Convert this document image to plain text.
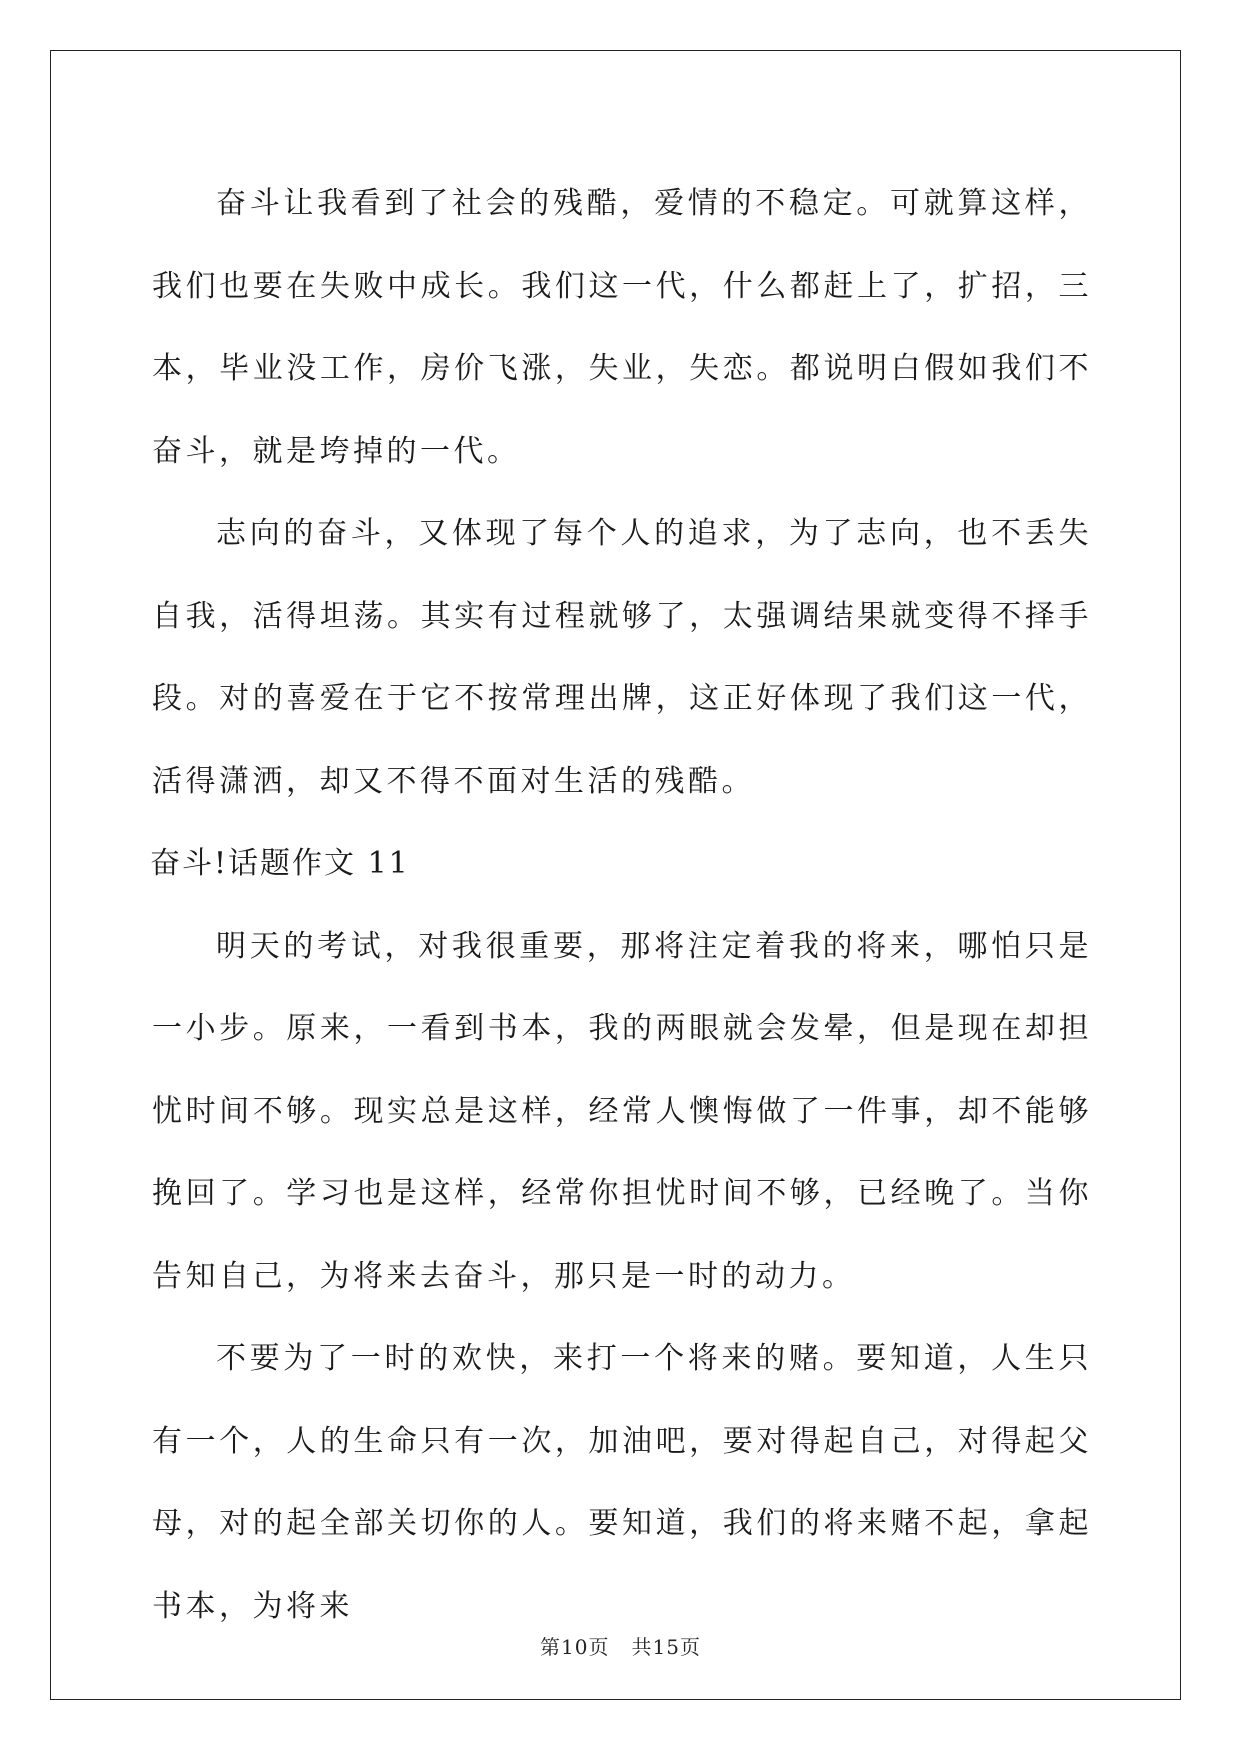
奋斗让我看到了社会的残酷，爱情的不稳定。可就算这样，我们也要在失败中成长。我们这一代，什么都赶上了，扩招，三本，毕业没工作，房价飞涨，失业，失恋。都说明白假如我们不奋斗，就是垮掉的一代。

志向的奋斗，又体现了每个人的追求，为了志向，也不丢失自我，活得坦荡。其实有过程就够了，太强调结果就变得不择手段。对的喜爱在于它不按常理出牌，这正好体现了我们这一代，活得潇洒，却又不得不面对生活的残酷。

奋斗!话题作文 11

明天的考试，对我很重要，那将注定着我的将来，哪怕只是一小步。原来，一看到书本，我的两眼就会发晕，但是现在却担忧时间不够。现实总是这样，经常人懊悔做了一件事，却不能够挽回了。学习也是这样，经常你担忧时间不够，已经晚了。当你告知自己，为将来去奋斗，那只是一时的动力。

不要为了一时的欢快，来打一个将来的赌。要知道，人生只有一个，人的生命只有一次，加油吧，要对得起自己，对得起父母，对的起全部关切你的人。要知道，我们的将来赌不起，拿起书本，为将来

第10页 共15页
